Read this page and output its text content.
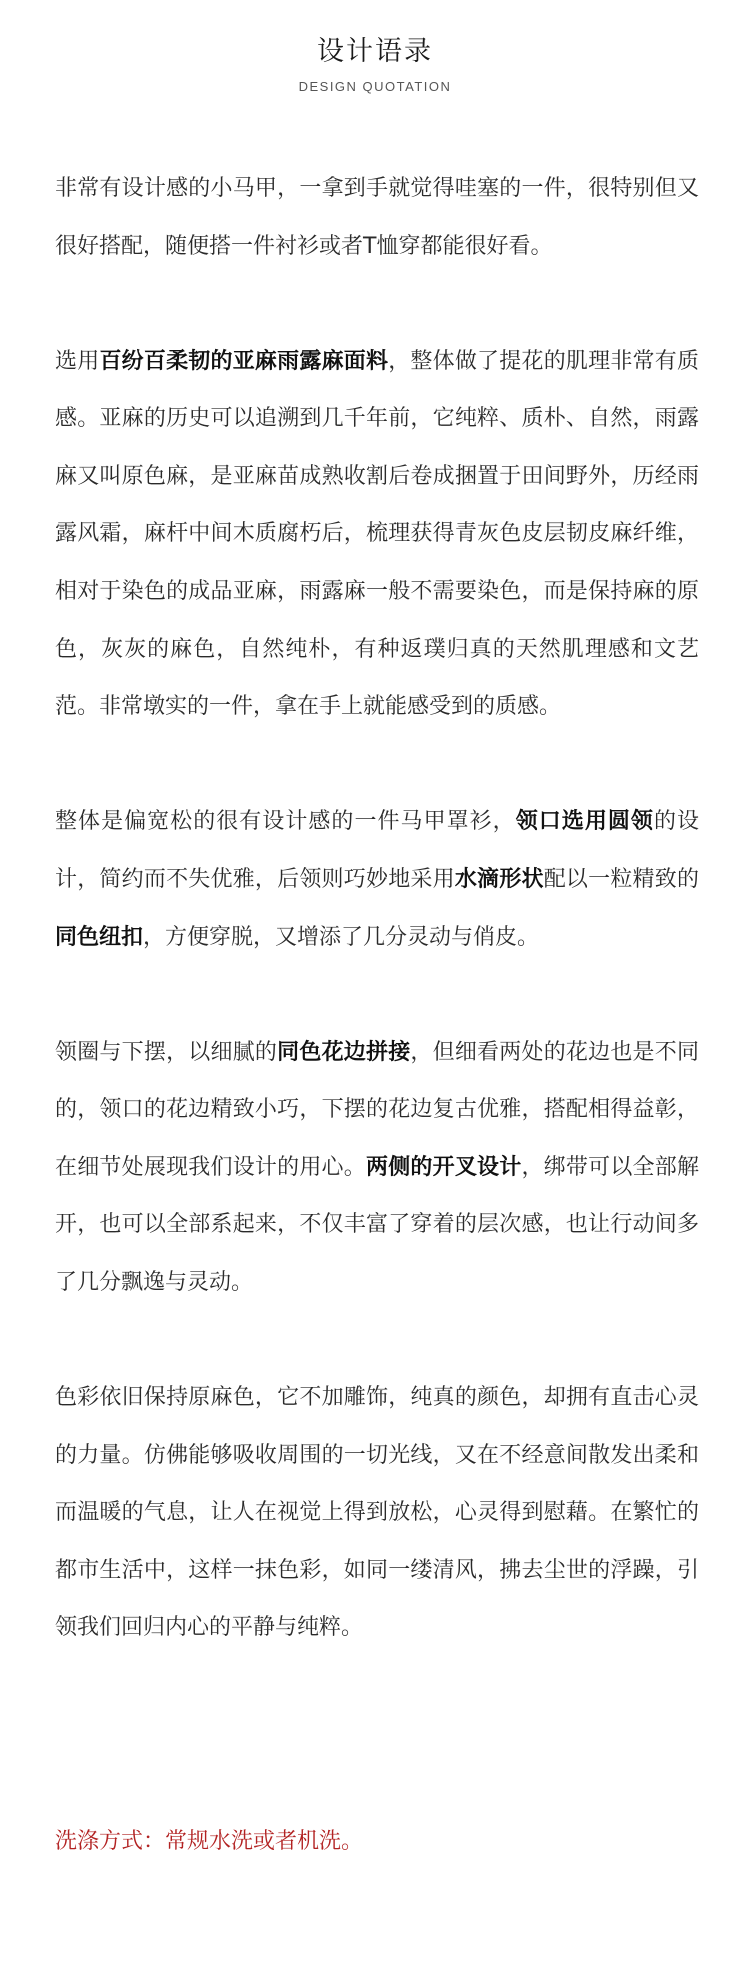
设计语录
DESIGN QUOTATION

非常有设计感的小马甲，一拿到手就觉得哇塞的一件，很特别但又很好搭配，随便搭一件衬衫或者T恤穿都能很好看。

选用百纷百柔韧的亚麻雨露麻面料，整体做了提花的肌理非常有质感。亚麻的历史可以追溯到几千年前，它纯粹、质朴、自然，雨露麻又叫原色麻，是亚麻苗成熟收割后卷成捆置于田间野外，历经雨露风霜，麻杆中间木质腐朽后，梳理获得青灰色皮层韧皮麻纤维，相对于染色的成品亚麻，雨露麻一般不需要染色，而是保持麻的原色，灰灰的麻色，自然纯朴，有种返璞归真的天然肌理感和文艺范。非常墩实的一件，拿在手上就能感受到的质感。

整体是偏宽松的很有设计感的一件马甲罩衫，领口选用圆领的设计，简约而不失优雅，后领则巧妙地采用水滴形状配以一粒精致的同色纽扣，方便穿脱，又增添了几分灵动与俏皮。

领圈与下摆，以细腻的同色花边拼接，但细看两处的花边也是不同的，领口的花边精致小巧，下摆的花边复古优雅，搭配相得益彰，在细节处展现我们设计的用心。两侧的开叉设计，绑带可以全部解开，也可以全部系起来，不仅丰富了穿着的层次感，也让行动间多了几分飘逸与灵动。

色彩依旧保持原麻色，它不加雕饰，纯真的颜色，却拥有直击心灵的力量。仿佛能够吸收周围的一切光线，又在不经意间散发出柔和而温暖的气息，让人在视觉上得到放松，心灵得到慰藉。在繁忙的都市生活中，这样一抹色彩，如同一缕清风，拂去尘世的浮躁，引领我们回归内心的平静与纯粹。

洗涤方式：常规水洗或者机洗。
